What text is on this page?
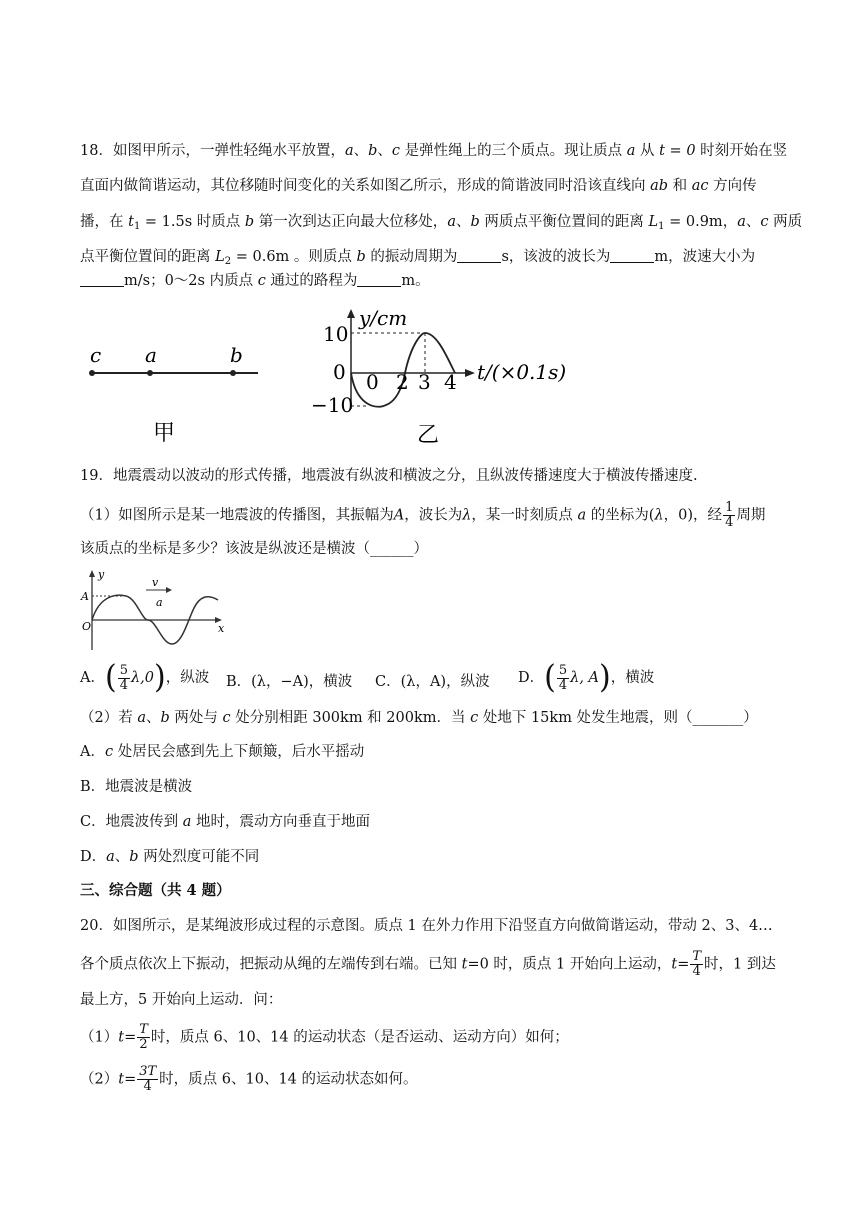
18．如图甲所示，一弹性轻绳水平放置，a、b、c 是弹性绳上的三个质点。现让质点 a 从 t = 0 时刻开始在竖
直面内做简谐运动，其位移随时间变化的关系如图乙所示，形成的简谐波同时沿该直线向 ab 和 ac 方向传
播，在 $t_1 = 1.5s$ 时质点 b 第一次到达正向最大位移处，a、b 两质点平衡位置间的距离 $L_1 = 0.9m$，a、c 两质
点平衡位置间的距离 $L_2 = 0.6m$ 。则质点 b 的振动周期为	s，该波的波长为	m，波速大小为
m/s；0～2s 内质点 c 通过的路程为	m。
c a	b
甲
y/cm
10
0
−10
0 2 3 4 t/(×0.1s)
乙
19．地震震动以波动的形式传播，地震波有纵波和横波之分，且纵波传播速度大于横波传播速度.
（1）如图所示是某一地震波的传播图，其振幅为A，波长为λ，某一时刻质点 a 的坐标为(λ，0)，经 $\frac{1}{4}$ 周期
该质点的坐标是多少？该波是纵波还是横波（______）
y
A
O
v
a
x
A．( $\frac{5}{4} \lambda,0$)，纵波 B．(λ，−A)，横波 C．(λ，A)，纵波 D．( $\frac{5}{4} \lambda$, A)，横波
（2）若 a、b 两处与 c 处分别相距 300km 和 200km．当 c 处地下 15km 处发生地震，则（_______）
A．c 处居民会感到先上下颠簸，后水平摇动
B．地震波是横波
C．地震波传到 a 地时，震动方向垂直于地面
D．a、b 两处烈度可能不同
三、综合题（共 4 题）
20．如图所示，是某绳波形成过程的示意图。质点 1 在外力作用下沿竖直方向做简谐运动，带动 2、3、4…
各个质点依次上下振动，把振动从绳的左端传到右端。已知 t=0 时，质点 1 开始向上运动，$t= \frac{T}{4}$ 时，1 到达
最上方，5 开始向上运动．问：
$(1)t= \frac{T}{2}$ 时，质点 6、10、14 的运动状态（是否运动、运动方向）如何；
$(2)t= \frac{3T}{4}$ 时，质点 6、10、14 的运动状态如何。
